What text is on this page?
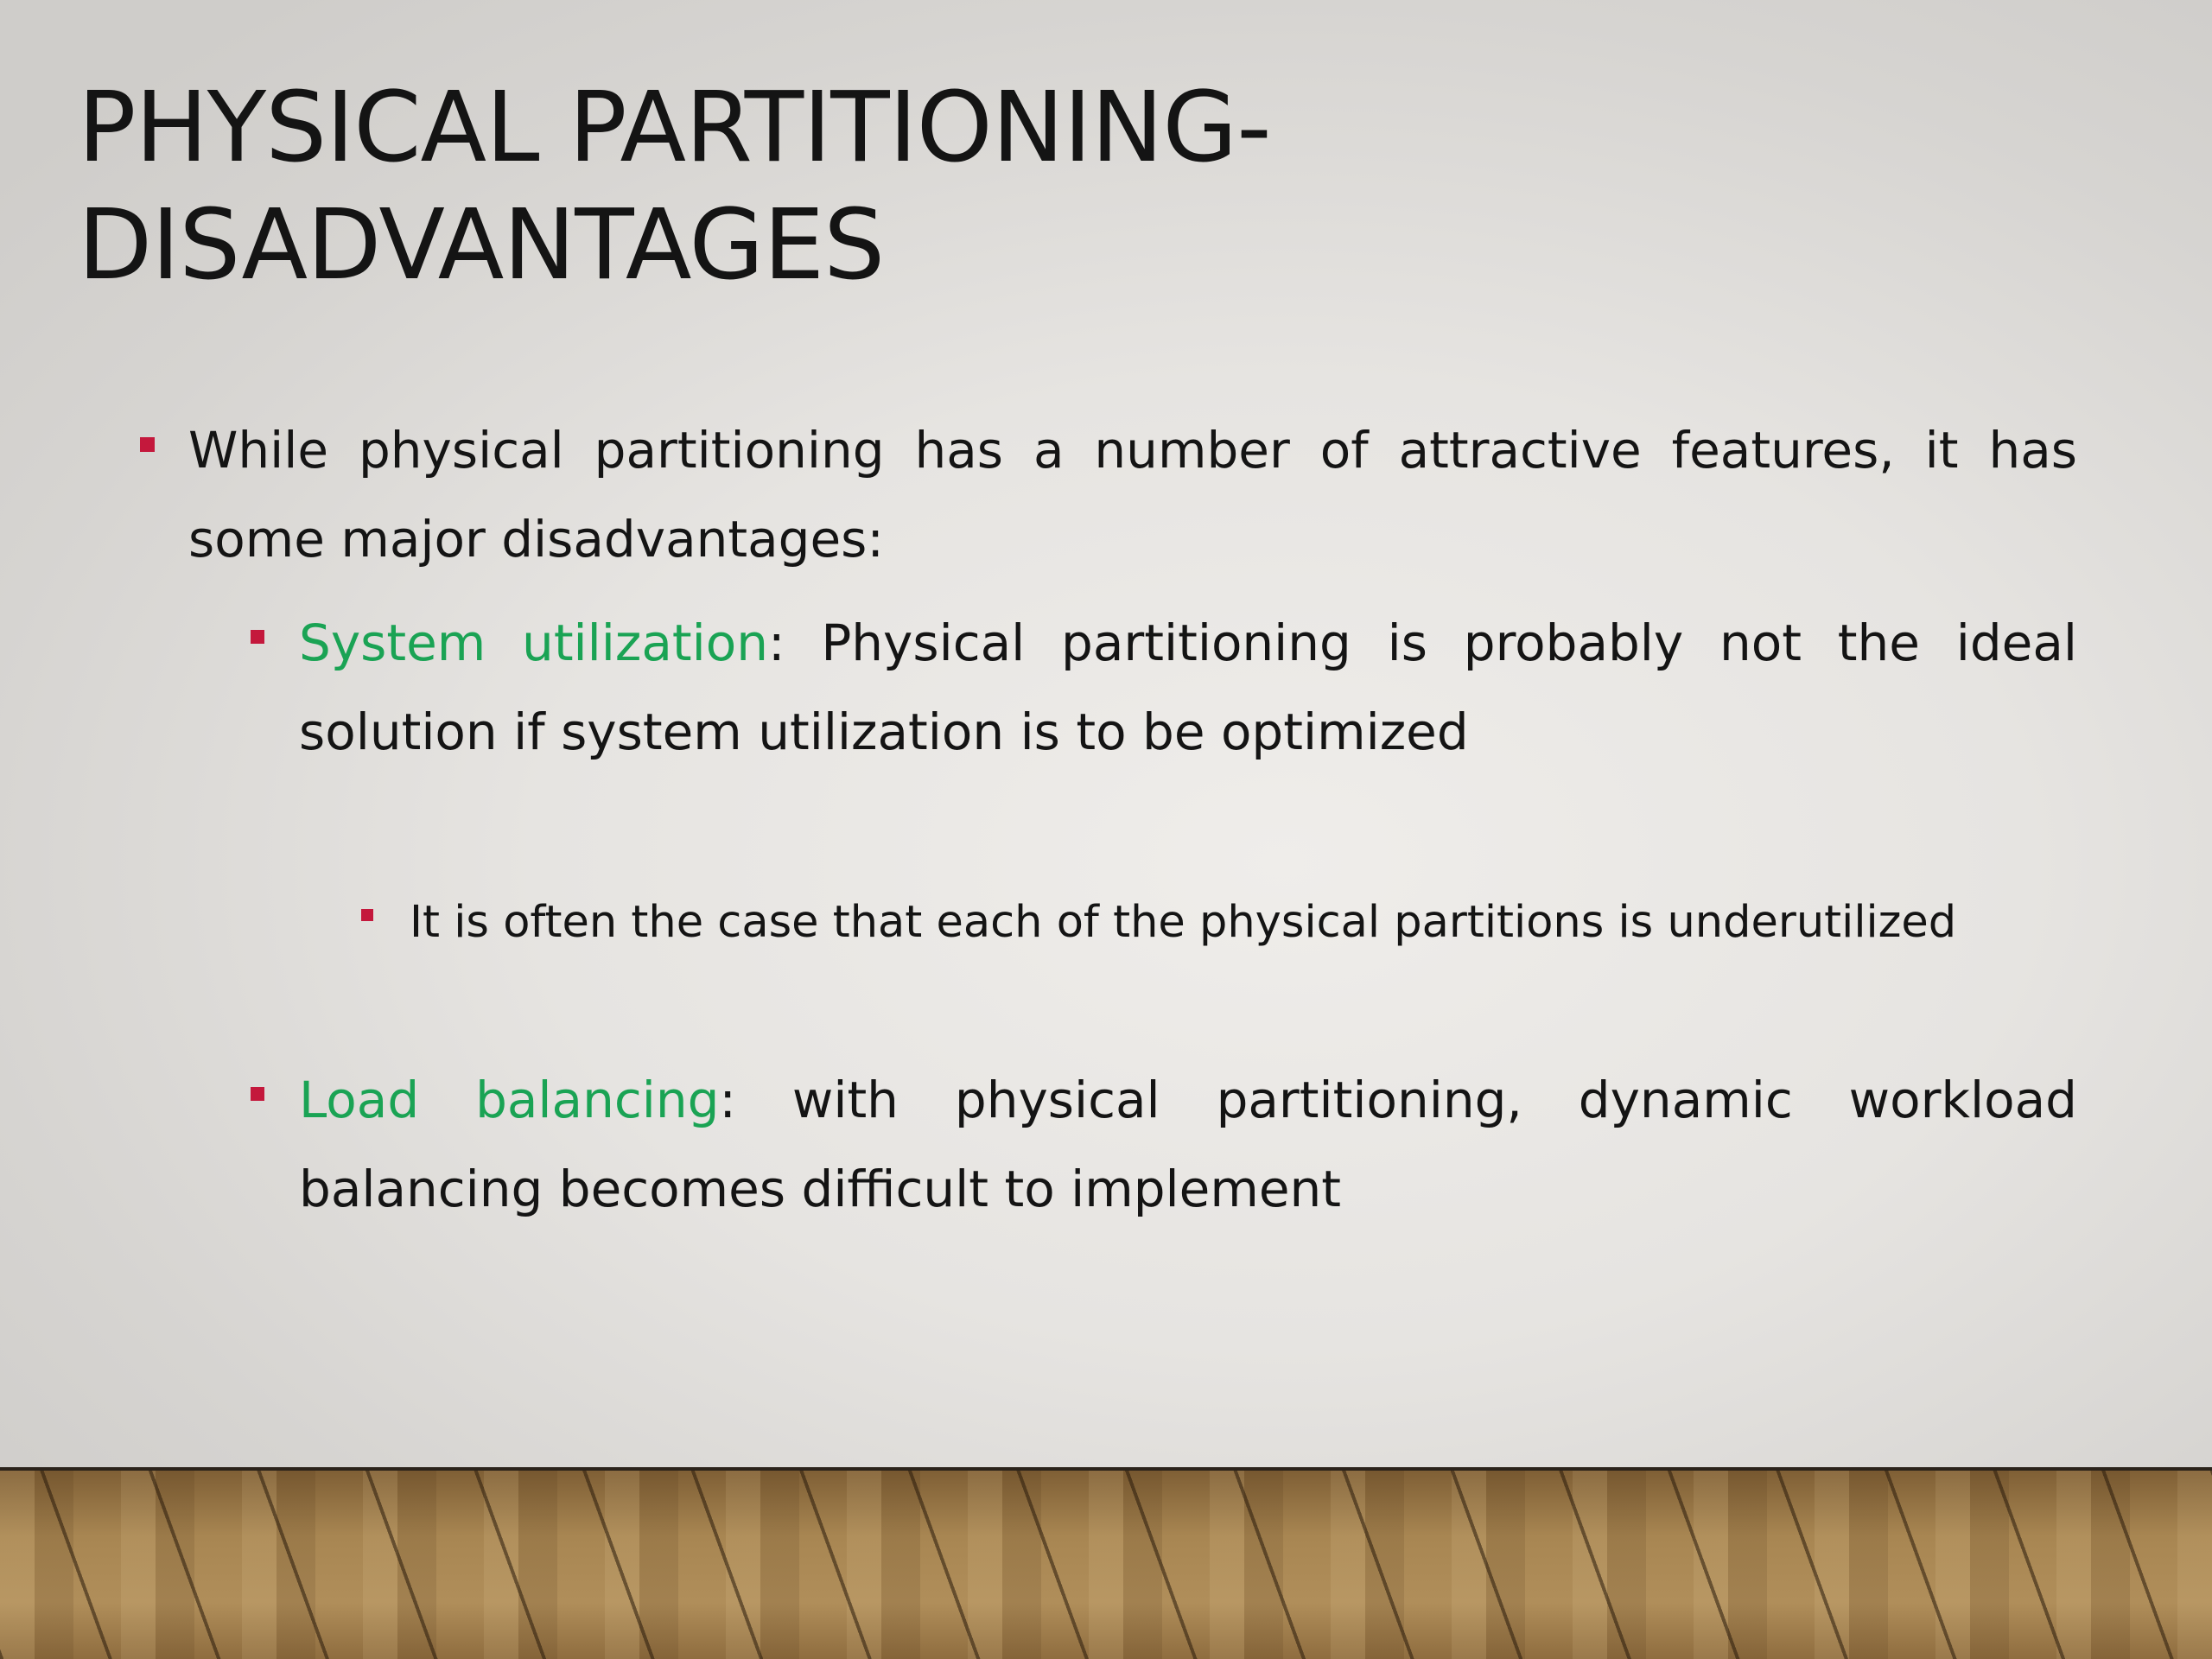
PHYSICAL PARTITIONING-
DISADVANTAGES
While physical partitioning has a number of attractive features, it has some major disadvantages:
System utilization: Physical partitioning is probably not the ideal solution if system utilization is to be optimized
It is often the case that each of the physical partitions is underutilized
Load balancing: with physical partitioning, dynamic workload balancing becomes difficult to implement
